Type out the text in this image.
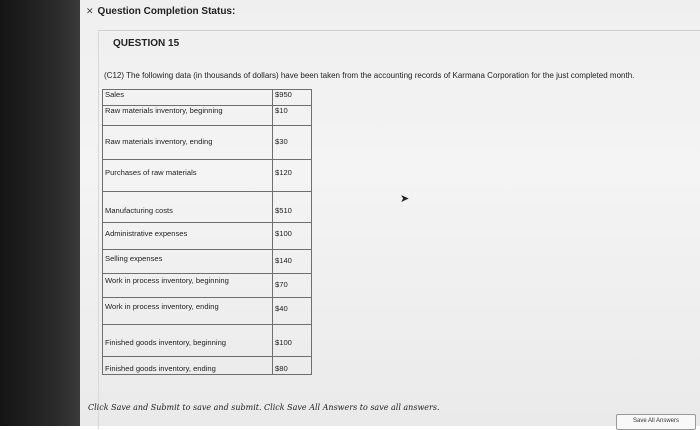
✕ Question Completion Status:
QUESTION 15
(C12) The following data (in thousands of dollars) have been taken from the accounting records of Karmana Corporation for the just completed month.
Sales	$950
Raw materials inventory, beginning	$10
Raw materials inventory, ending	$30
Purchases of raw materials	$120
Manufacturing costs	$510
Administrative expenses	$100
Selling expenses	$140
Work in process inventory, beginning	$70
Work in process inventory, ending	$40
Finished goods inventory, beginning	$100
Finished goods inventory, ending	$80
➤
Click Save and Submit to save and submit. Click Save All Answers to save all answers.
Save All Answers
